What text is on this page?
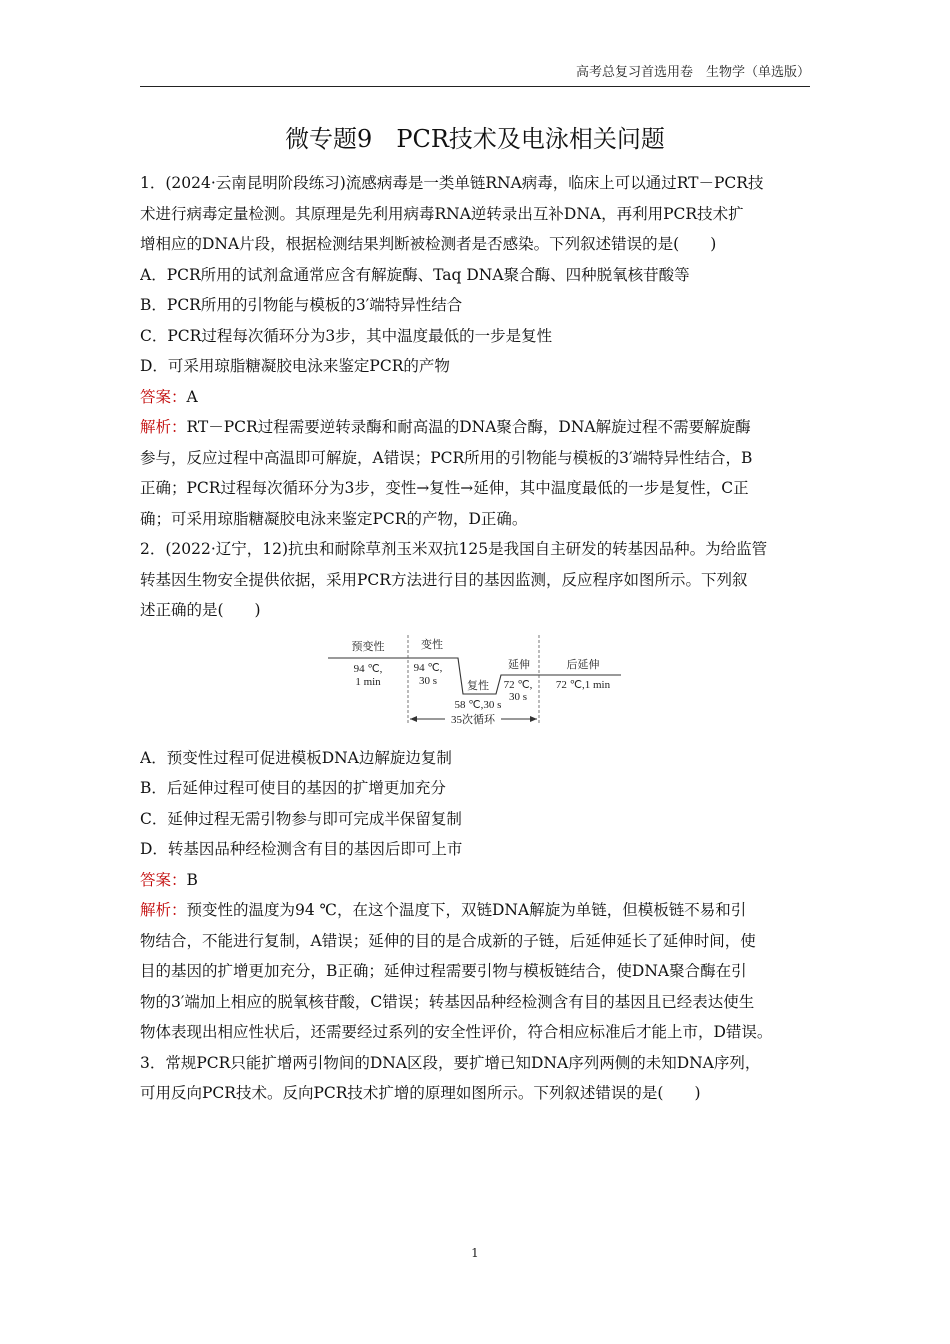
高考总复习首选用卷　生物学（单选版）
微专题9　PCR技术及电泳相关问题
1．(2024·云南昆明阶段练习)流感病毒是一类单链RNA病毒，临床上可以通过RT－PCR技
术进行病毒定量检测。其原理是先利用病毒RNA逆转录出互补DNA，再利用PCR技术扩
增相应的DNA片段，根据检测结果判断被检测者是否感染。下列叙述错误的是(　　)
A．PCR所用的试剂盒通常应含有解旋酶、Taq DNA聚合酶、四种脱氧核苷酸等
B．PCR所用的引物能与模板的3′端特异性结合
C．PCR过程每次循环分为3步，其中温度最低的一步是复性
D．可采用琼脂糖凝胶电泳来鉴定PCR的产物
答案：A
解析：RT－PCR过程需要逆转录酶和耐高温的DNA聚合酶，DNA解旋过程不需要解旋酶
参与，反应过程中高温即可解旋，A错误；PCR所用的引物能与模板的3′端特异性结合，B
正确；PCR过程每次循环分为3步，变性→复性→延伸，其中温度最低的一步是复性，C正
确；可采用琼脂糖凝胶电泳来鉴定PCR的产物，D正确。
2．(2022·辽宁，12)抗虫和耐除草剂玉米双抗125是我国自主研发的转基因品种。为给监管
转基因生物安全提供依据，采用PCR方法进行目的基因监测，反应程序如图所示。下列叙
述正确的是(　　)
预变性
94 ℃,
1 min
变性
94 ℃,
30 s	复性
58 ℃,30 s
延伸
72 ℃,
30 s
后延伸
72 ℃,1 min
35次循环
A．预变性过程可促进模板DNA边解旋边复制
B．后延伸过程可使目的基因的扩增更加充分
C．延伸过程无需引物参与即可完成半保留复制
D．转基因品种经检测含有目的基因后即可上市
答案：B
解析：预变性的温度为94 ℃，在这个温度下，双链DNA解旋为单链，但模板链不易和引
物结合，不能进行复制，A错误；延伸的目的是合成新的子链，后延伸延长了延伸时间，使
目的基因的扩增更加充分，B正确；延伸过程需要引物与模板链结合，使DNA聚合酶在引
物的3′端加上相应的脱氧核苷酸，C错误；转基因品种经检测含有目的基因且已经表达使生
物体表现出相应性状后，还需要经过系列的安全性评价，符合相应标准后才能上市，D错误。
3．常规PCR只能扩增两引物间的DNA区段，要扩增已知DNA序列两侧的未知DNA序列，
可用反向PCR技术。反向PCR技术扩增的原理如图所示。下列叙述错误的是(　　)
1
